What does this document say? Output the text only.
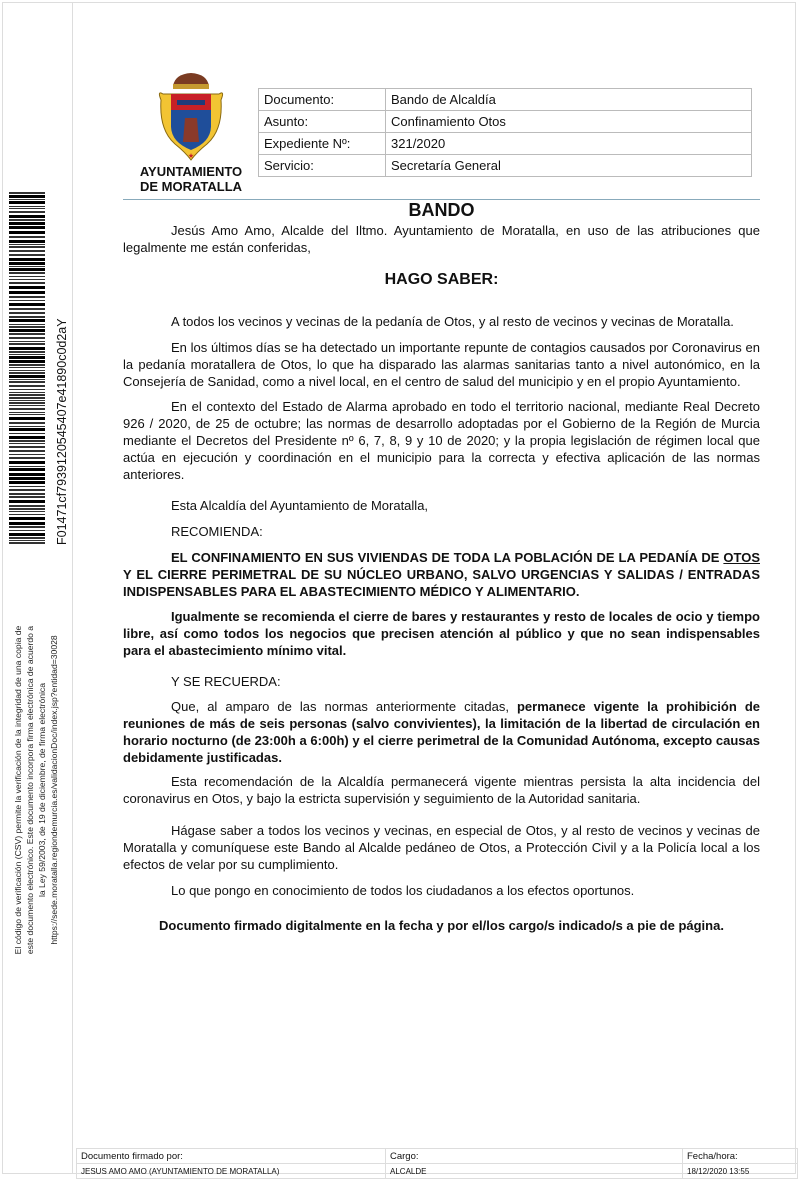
F01471cf7939120545407e41890c0d2aY
El código de verificación (CSV) permite la verificación de la integridad de una copia de este documento electrónico. Este documento incorpora firma electrónica de acuerdo a la Ley 59/2003, de 19 de diciembre, de firma electrónica https://sede.moratalla.regiondemurcia.es/validacionDoc/index.jsp?entidad=30028
★
AYUNTAMIENTO
DE MORATALLA
Documento:	Bando de Alcaldía
Asunto:	Confinamiento Otos
Expediente Nº:	321/2020
Servicio:	Secretaría General
BANDO
Jesús Amo Amo, Alcalde del Iltmo. Ayuntamiento de Moratalla, en uso de las atribuciones que legalmente me están conferidas,
HAGO SABER:
A todos los vecinos y vecinas de la pedanía de Otos, y al resto de vecinos y vecinas de Moratalla.
En los últimos días se ha detectado un importante repunte de contagios causados por Coronavirus en la pedanía moratallera de Otos, lo que ha disparado las alarmas sanitarias tanto a nivel autonómico, en la Consejería de Sanidad, como a nivel local, en el centro de salud del municipio y en el propio Ayuntamiento.
En el contexto del Estado de Alarma aprobado en todo el territorio nacional, mediante Real Decreto 926 / 2020, de 25 de octubre; las normas de desarrollo adoptadas por el Gobierno de la Región de Murcia mediante el Decretos del Presidente nº 6, 7, 8, 9 y 10 de 2020; y la propia legislación de régimen local que actúa en ejecución y coordinación en el municipio para la correcta y efectiva aplicación de las normas anteriores.
Esta Alcaldía del Ayuntamiento de Moratalla,
RECOMIENDA:
EL CONFINAMIENTO EN SUS VIVIENDAS DE TODA LA POBLACIÓN DE LA PEDANÍA DE OTOS Y EL CIERRE PERIMETRAL DE SU NÚCLEO URBANO, SALVO URGENCIAS Y SALIDAS / ENTRADAS INDISPENSABLES PARA EL ABASTECIMIENTO MÉDICO Y ALIMENTARIO.
Igualmente se recomienda el cierre de bares y restaurantes y resto de locales de ocio y tiempo libre, así como todos los negocios que precisen atención al público y que no sean indispensables para el abastecimiento mínimo vital.
Y SE RECUERDA:
Que, al amparo de las normas anteriormente citadas, permanece vigente la prohibición de reuniones de más de seis personas (salvo convivientes), la limitación de la libertad de circulación en horario nocturno (de 23:00h a 6:00h) y el cierre perimetral de la Comunidad Autónoma, excepto causas debidamente justificadas.
Esta recomendación de la Alcaldía permanecerá vigente mientras persista la alta incidencia del coronavirus en Otos, y bajo la estricta supervisión y seguimiento de la Autoridad sanitaria.
Hágase saber a todos los vecinos y vecinas, en especial de Otos, y al resto de vecinos y vecinas de Moratalla y comuníquese este Bando al Alcalde pedáneo de Otos, a Protección Civil y a la Policía local a los efectos de velar por su cumplimiento.
Lo que pongo en conocimiento de todos los ciudadanos a los efectos oportunos.
Documento firmado digitalmente en la fecha y por el/los cargo/s indicado/s a pie de página.
Documento firmado por:	Cargo:	Fecha/hora:
JESUS AMO AMO (AYUNTAMIENTO DE MORATALLA)	ALCALDE	18/12/2020 13:55
